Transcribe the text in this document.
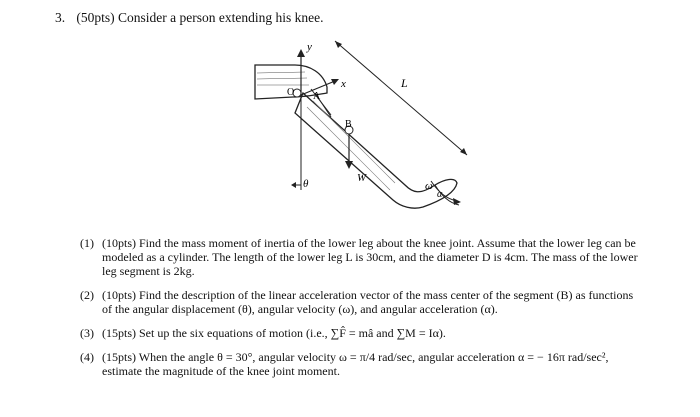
3. (50pts) Consider a person extending his knee.
y
x	L
O A
B
θ	W
ω
α
(1) (10pts) Find the mass moment of inertia of the lower leg about the knee joint. Assume that the lower leg can be modeled as a cylinder. The length of the lower leg L is 30cm, and the diameter D is 4cm. The mass of the lower leg segment is 2kg.
(2) (10pts) Find the description of the linear acceleration vector of the mass center of the segment (B) as functions of the angular displacement (θ), angular velocity (ω), and angular acceleration (α).
(3) (15pts) Set up the six equations of motion (i.e., ∑F̂ = mâ and ∑M = Iα).
(4) (15pts) When the angle θ = 30°, angular velocity ω = π/4 rad/sec, angular acceleration α = − 16π rad/sec², estimate the magnitude of the knee joint moment.
